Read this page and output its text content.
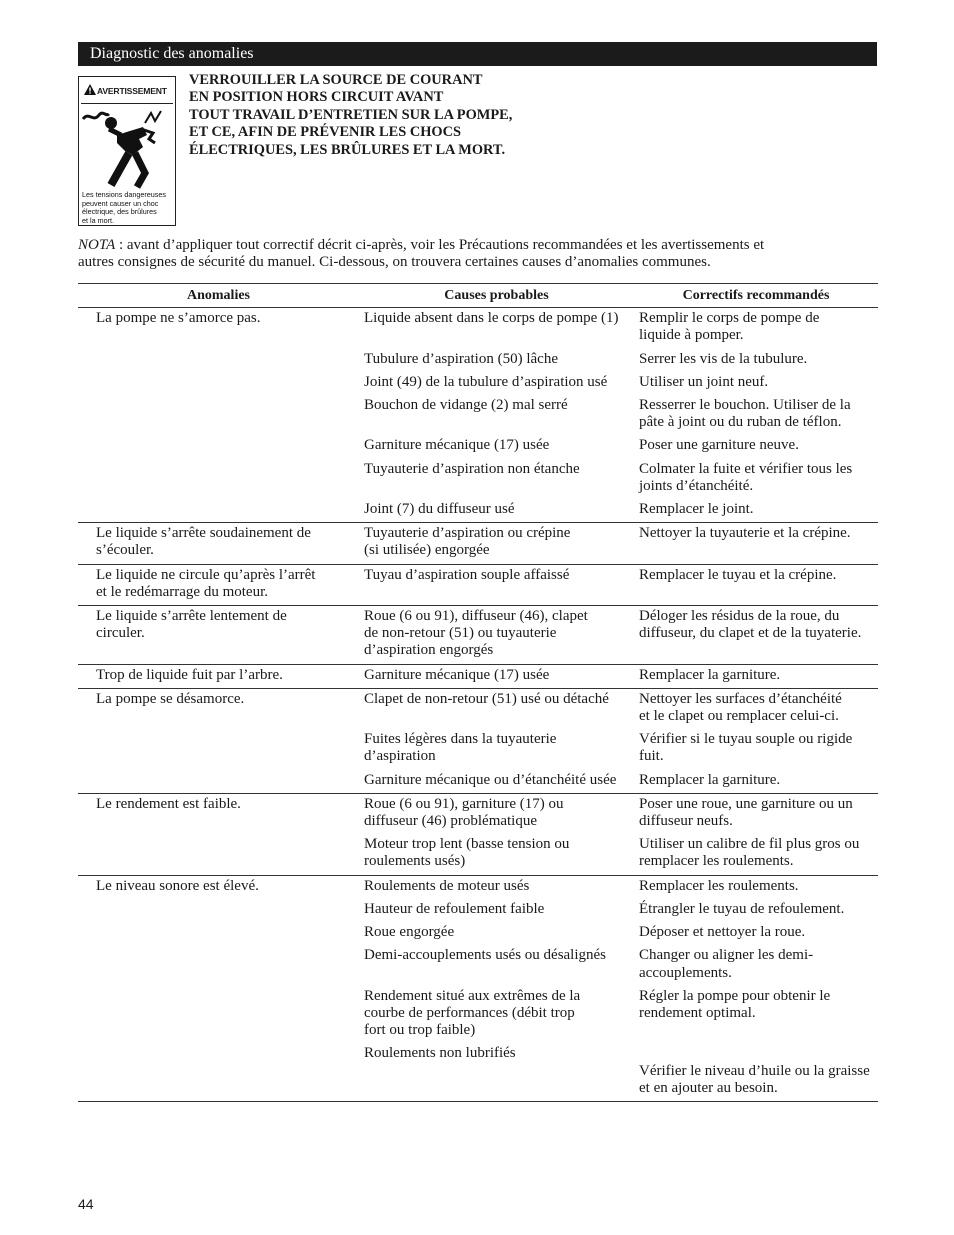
Diagnostic des anomalies
AVERTISSEMENT
Les tensions dangereuses
peuvent causer un choc
électrique, des brûlures
et la mort.
VERROUILLER LA SOURCE DE COURANT
EN POSITION HORS CIRCUIT AVANT
TOUT TRAVAIL D’ENTRETIEN SUR LA POMPE,
ET CE, AFIN DE PRÉVENIR LES CHOCS
ÉLECTRIQUES, LES BRÛLURES ET LA MORT.
NOTA : avant d’appliquer tout correctif décrit ci-après, voir les Précautions recommandées et les avertissements et
autres consignes de sécurité du manuel. Ci-dessous, on trouvera certaines causes d’anomalies communes.
Anomalies	Causes probables	Correctifs recommandés

La pompe ne s’amorce pas.	Liquide absent dans le corps de pompe (1)	Remplir le corps de pompe de
liquide à pomper.

	Tubulure d’aspiration (50) lâche	Serrer les vis de la tubulure.

	Joint (49) de la tubulure d’aspiration usé	Utiliser un joint neuf.

	Bouchon de vidange (2) mal serré	Resserrer le bouchon. Utiliser de la
pâte à joint ou du ruban de téflon.

	Garniture mécanique (17) usée	Poser une garniture neuve.

	Tuyauterie d’aspiration non étanche	Colmater la fuite et vérifier tous les
joints d’étanchéité.

	Joint (7) du diffuseur usé	Remplacer le joint.

Le liquide s’arrête soudainement de
s’écouler.	Tuyauterie d’aspiration ou crépine
(si utilisée) engorgée	Nettoyer la tuyauterie et la crépine.

Le liquide ne circule qu’après l’arrêt
et le redémarrage du moteur.	Tuyau d’aspiration souple affaissé	Remplacer le tuyau et la crépine.

Le liquide s’arrête lentement de
circuler.	Roue (6 ou 91), diffuseur (46), clapet
de non-retour (51) ou tuyauterie
d’aspiration engorgés	Déloger les résidus de la roue, du
diffuseur, du clapet et de la tuyaterie.

Trop de liquide fuit par l’arbre.	Garniture mécanique (17) usée	Remplacer la garniture.

La pompe se désamorce.	Clapet de non-retour (51) usé ou détaché	Nettoyer les surfaces d’étanchéité
et le clapet ou remplacer celui-ci.

	Fuites légères dans la tuyauterie
d’aspiration	Vérifier si le tuyau souple ou rigide
fuit.

	Garniture mécanique ou d’étanchéité usée	Remplacer la garniture.

Le rendement est faible.	Roue (6 ou 91), garniture (17) ou
diffuseur (46) problématique	Poser une roue, une garniture ou un
diffuseur neufs.

	Moteur trop lent (basse tension ou
roulements usés)	Utiliser un calibre de fil plus gros ou
remplacer les roulements.

Le niveau sonore est élevé.	Roulements de moteur usés	Remplacer les roulements.

	Hauteur de refoulement faible	Étrangler le tuyau de refoulement.

	Roue engorgée	Déposer et nettoyer la roue.

	Demi-accouplements usés ou désalignés	Changer ou aligner les demi-
accouplements.

	Rendement situé aux extrêmes de la
courbe de performances (débit trop
fort ou trop faible)	Régler la pompe pour obtenir le
rendement optimal.

	Roulements non lubrifiés	Vérifier le niveau d’huile ou la graisse
et en ajouter au besoin.
44
